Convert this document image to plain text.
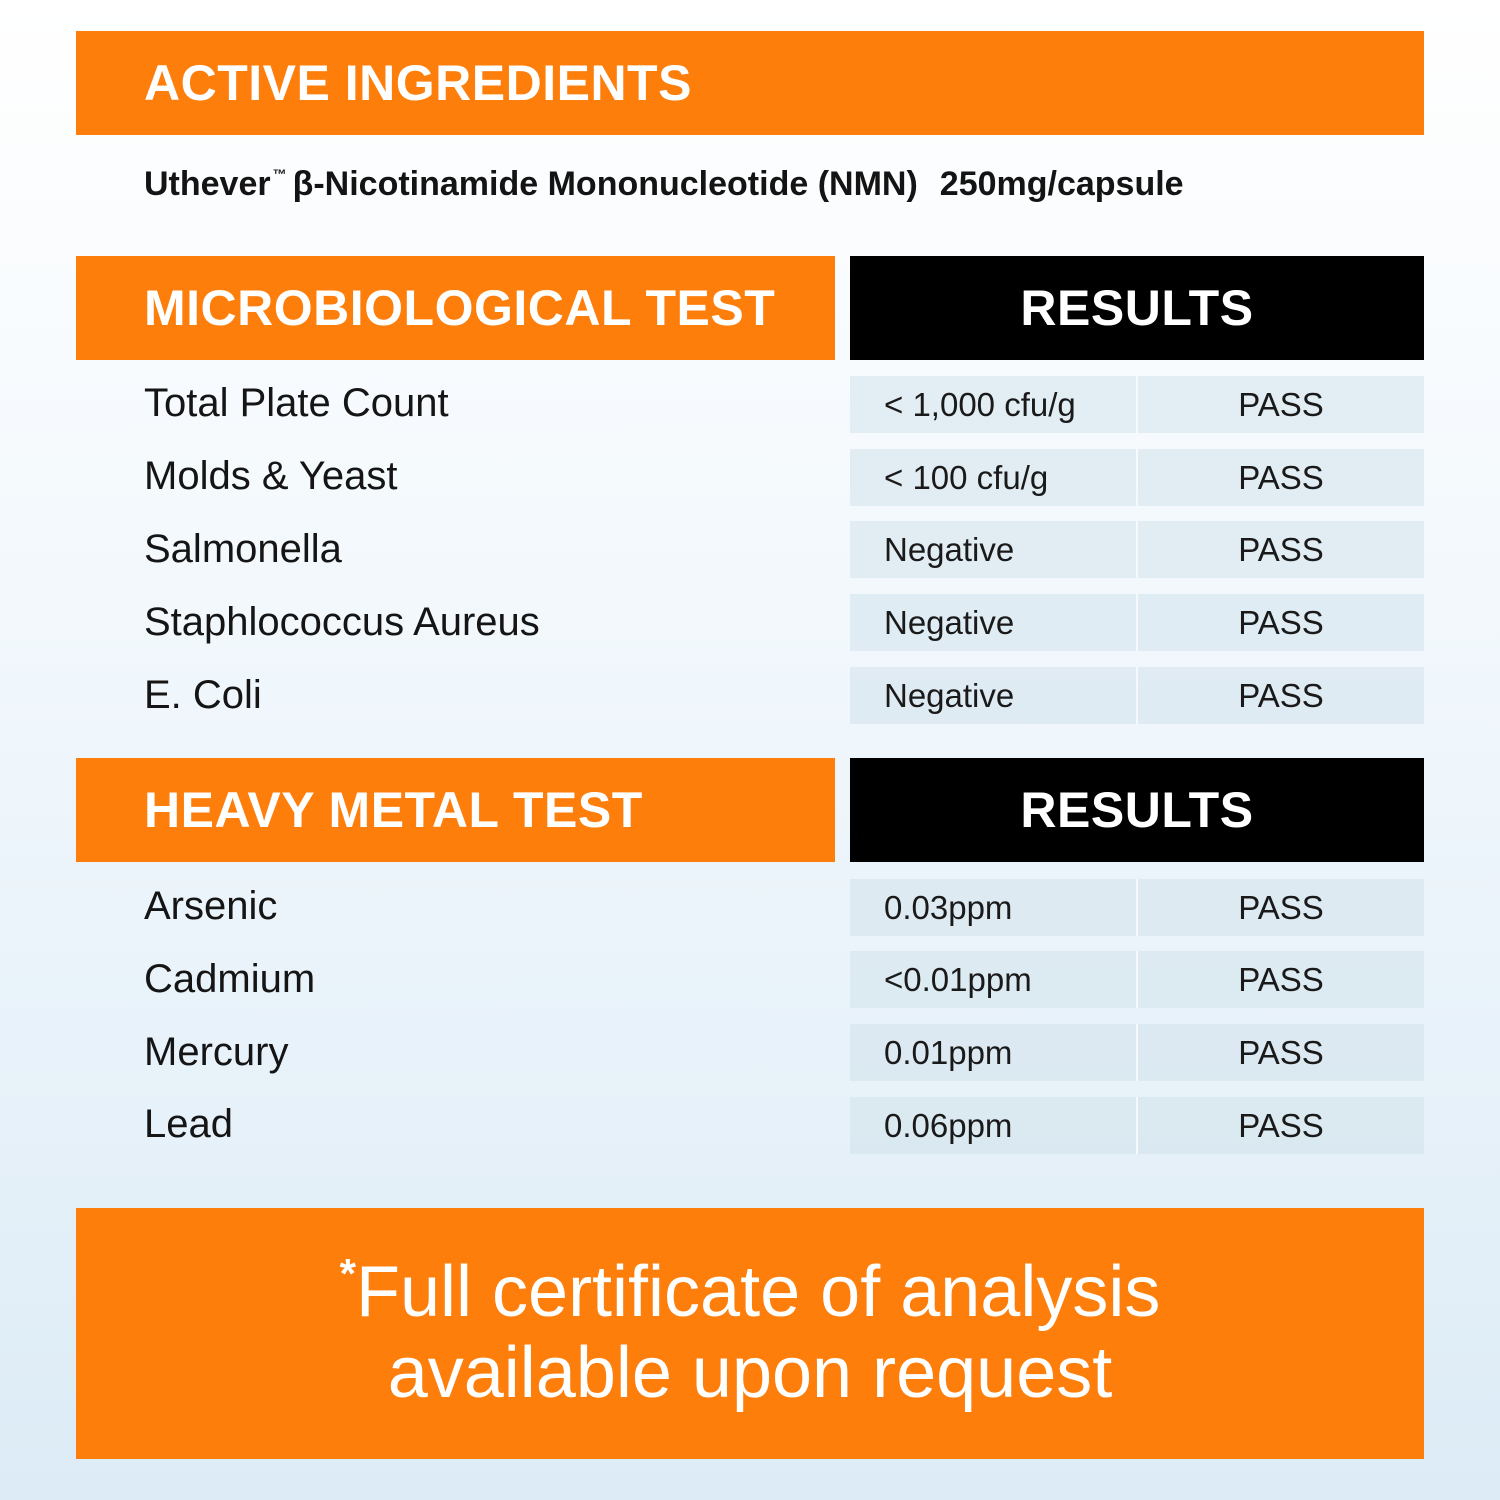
ACTIVE INGREDIENTS
Uthever ™ β-Nicotinamide Mononucleotide (NMN) 250mg/capsule
MICROBIOLOGICAL TEST	RESULTS
Total Plate Count	< 1,000 cfu/g	PASS
Molds & Yeast	< 100 cfu/g	PASS
Salmonella	Negative	PASS
Staphlococcus Aureus	Negative	PASS
E. Coli	Negative	PASS
HEAVY METAL TEST	RESULTS
Arsenic	0.03ppm	PASS
Cadmium	<0.01ppm	PASS
Mercury	0.01ppm	PASS
Lead	0.06ppm	PASS
*Full certificate of analysis
available upon request
